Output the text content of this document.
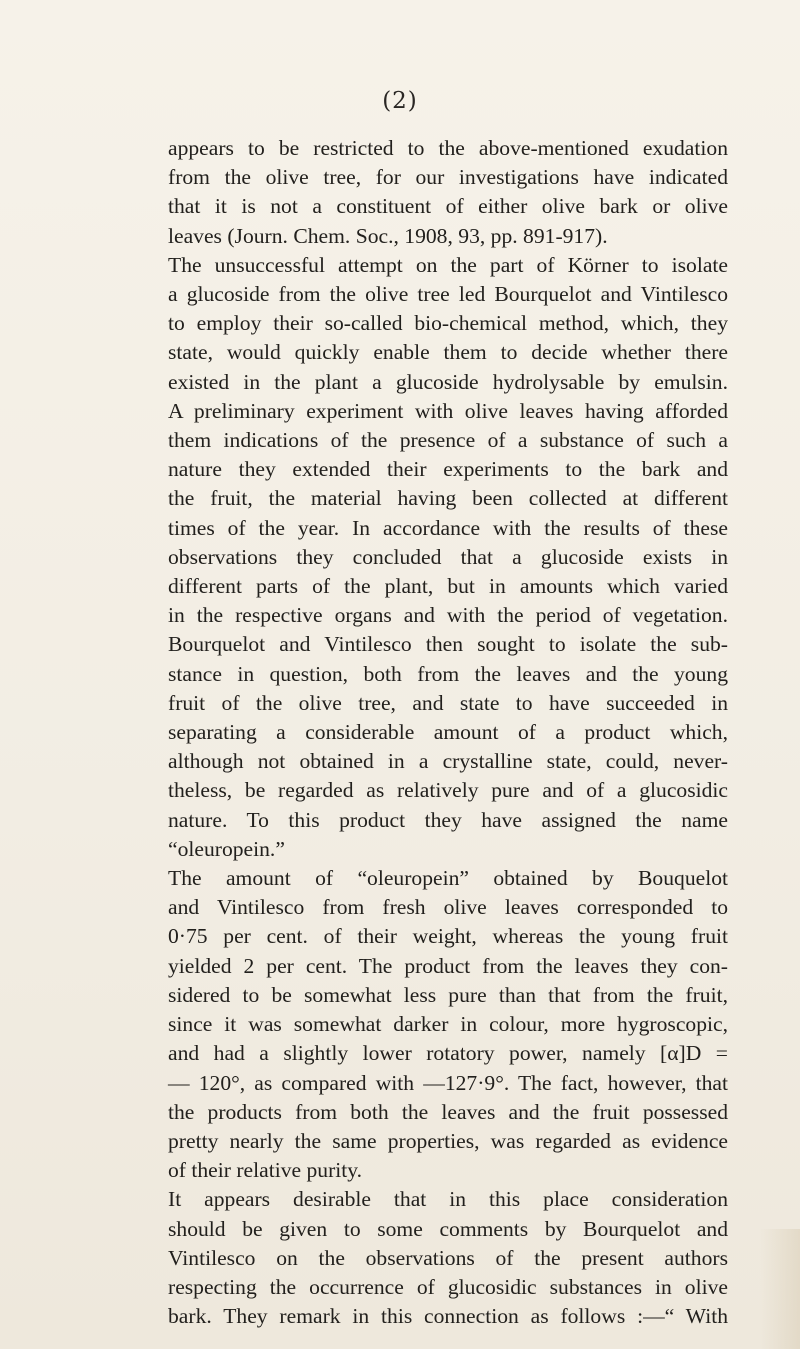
(2)
appears to be restricted to the above-mentioned exudation
from the olive tree, for our investigations have indicated
that it is not a constituent of either olive bark or olive
leaves (Journ. Chem. Soc., 1908, 93, pp. 891-917).
The unsuccessful attempt on the part of Körner to isolate
a glucoside from the olive tree led Bourquelot and Vintilesco
to employ their so-called bio-chemical method, which, they
state, would quickly enable them to decide whether there
existed in the plant a glucoside hydrolysable by emulsin.
A preliminary experiment with olive leaves having afforded
them indications of the presence of a substance of such a
nature they extended their experiments to the bark and
the fruit, the material having been collected at different
times of the year. In accordance with the results of these
observations they concluded that a glucoside exists in
different parts of the plant, but in amounts which varied
in the respective organs and with the period of vegetation.
Bourquelot and Vintilesco then sought to isolate the sub-
stance in question, both from the leaves and the young
fruit of the olive tree, and state to have succeeded in
separating a considerable amount of a product which,
although not obtained in a crystalline state, could, never-
theless, be regarded as relatively pure and of a glucosidic
nature. To this product they have assigned the name
“oleuropein.”
The amount of “oleuropein” obtained by Bouquelot
and Vintilesco from fresh olive leaves corresponded to
0·75 per cent. of their weight, whereas the young fruit
yielded 2 per cent. The product from the leaves they con-
sidered to be somewhat less pure than that from the fruit,
since it was somewhat darker in colour, more hygroscopic,
and had a slightly lower rotatory power, namely [α]D =
— 120°, as compared with —127·9°. The fact, however, that
the products from both the leaves and the fruit possessed
pretty nearly the same properties, was regarded as evidence
of their relative purity.
It appears desirable that in this place consideration
should be given to some comments by Bourquelot and
Vintilesco on the observations of the present authors
respecting the occurrence of glucosidic substances in olive
bark. They remark in this connection as follows :—“ With
